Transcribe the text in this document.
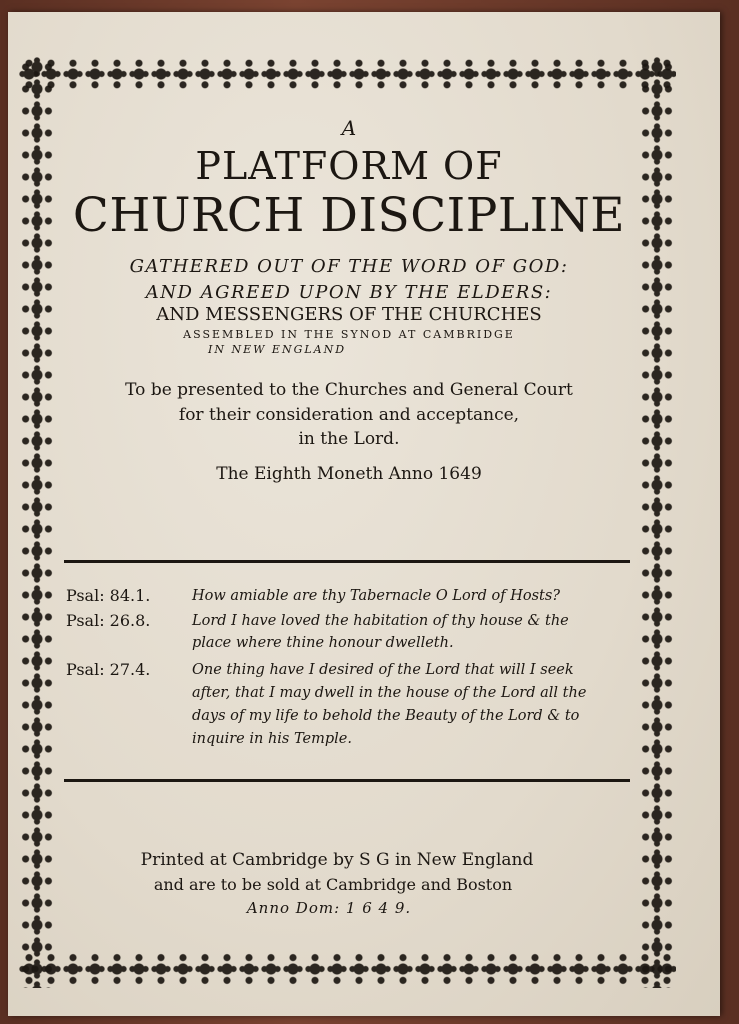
A
PLATFORM OF
CHURCH DISCIPLINE
GATHERED OUT OF THE WORD OF GOD:
AND AGREED UPON BY THE ELDERS:
AND MESSENGERS OF THE CHURCHES
ASSEMBLED IN THE SYNOD AT CAMBRIDGE
IN NEW ENGLAND
To be presented to the Churches and General Court
for their consideration and acceptance,
in the Lord.
The Eighth Moneth Anno 1649
Psal: 84.1.	How amiable are thy Tabernacle O Lord of Hosts?
Psal: 26.8.	Lord I have loved the habitation of thy house & the
place where thine honour dwelleth.
Psal: 27.4.	One thing have I desired of the Lord that will I seek
after, that I may dwell in the house of the Lord all the
days of my life to behold the Beauty of the Lord & to
inquire in his Temple.
Printed at Cambridge by S G in New England
and are to be sold at Cambridge and Boston
Anno Dom: 1 6 4 9.
